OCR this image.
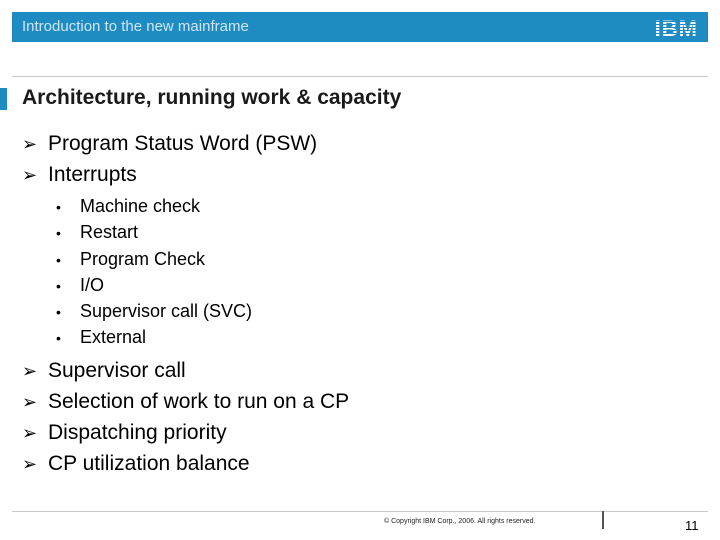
Introduction to the new mainframe	IBM
Architecture, running work & capacity
➢ Program Status Word (PSW)
➢ Interrupts
• Machine check
• Restart
• Program Check
• I/O
• Supervisor call (SVC)
• External
➢ Supervisor call
➢ Selection of work to run on a CP
➢ Dispatching priority
➢ CP utilization balance
© Copyright IBM Corp., 2006. All rights reserved.	11
